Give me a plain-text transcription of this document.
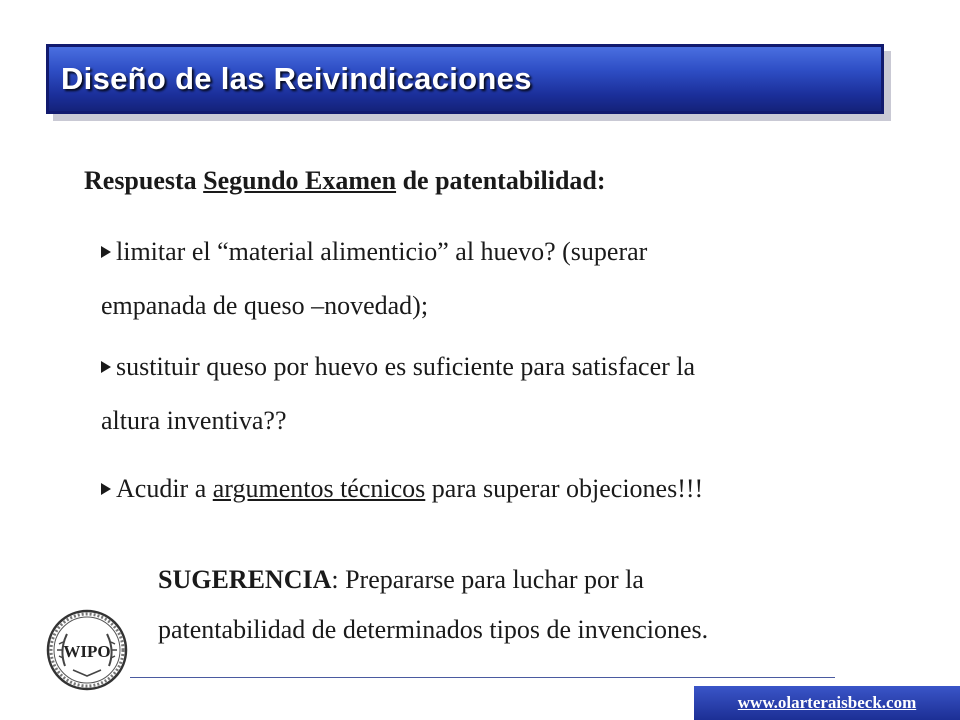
Diseño de las Reivindicaciones
Respuesta Segundo Examen de patentabilidad:
limitar el “material alimenticio” al huevo? (superar
empanada de queso –novedad);
sustituir queso por huevo es suficiente para satisfacer la
altura inventiva??
Acudir a argumentos técnicos para superar objeciones!!!
SUGERENCIA: Prepararse para luchar por la
patentabilidad de determinados tipos de invenciones.
WIPO
www.olarteraisbeck.com
